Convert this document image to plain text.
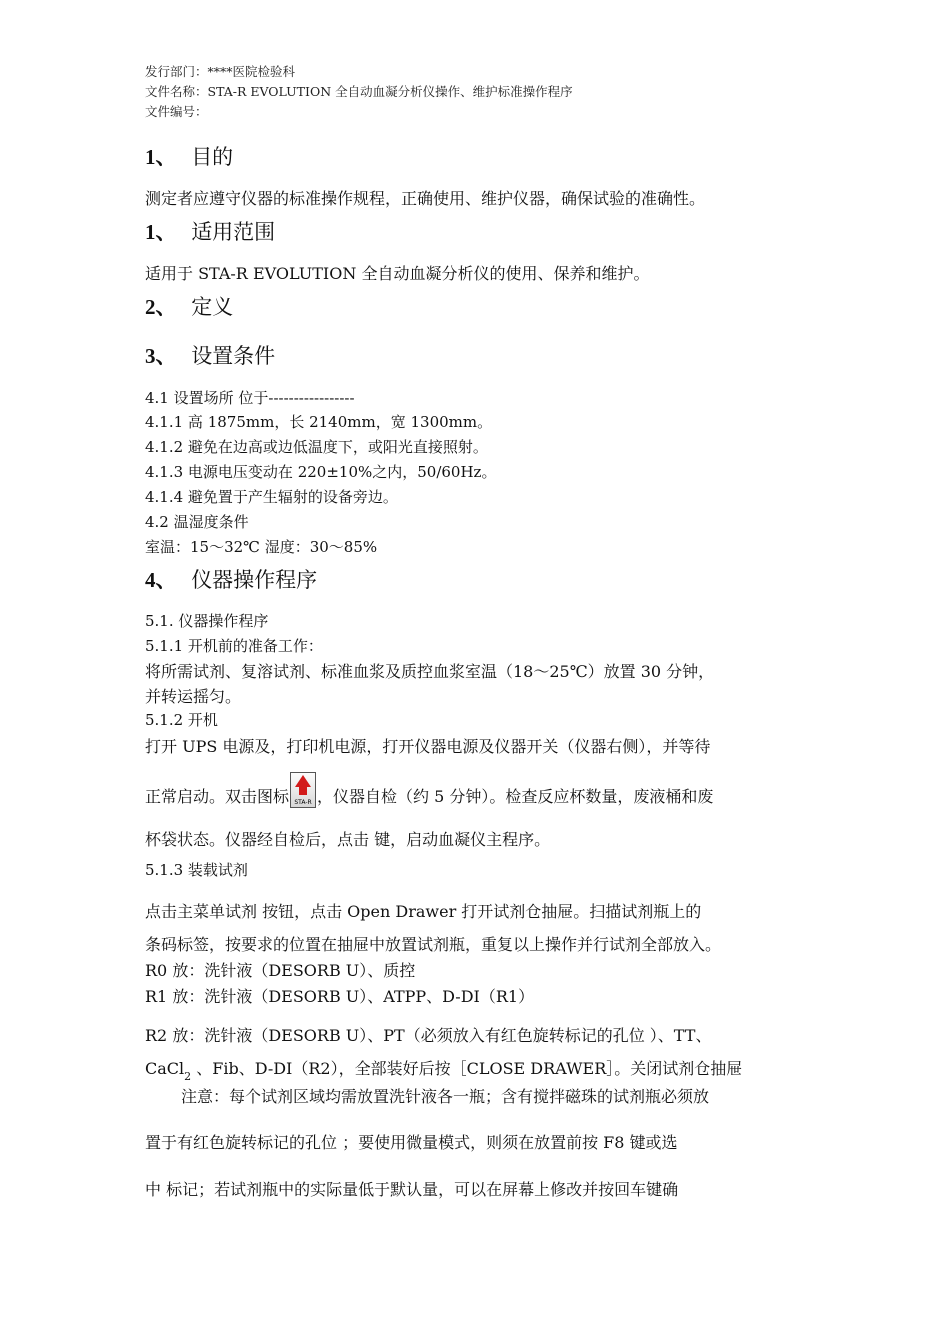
发行部门：****医院检验科
文件名称：STA-R EVOLUTION 全自动血凝分析仪操作、维护标准操作程序
文件编号：
1、 目的
测定者应遵守仪器的标准操作规程，正确使用、维护仪器，确保试验的准确性。
1、 适用范围
适用于 STA-R EVOLUTION 全自动血凝分析仪的使用、保养和维护。
2、 定义
3、 设置条件
4.1 设置场所 位于-----------------
4.1.1 高 1875mm，长 2140mm，宽 1300mm。
4.1.2 避免在边高或边低温度下，或阳光直接照射。
4.1.3 电源电压变动在 220±10%之内，50/60Hz。
4.1.4 避免置于产生辐射的设备旁边。
4.2 温湿度条件
室温：15～32℃ 湿度：30～85%
4、 仪器操作程序
5.1. 仪器操作程序
5.1.1 开机前的准备工作：
将所需试剂、复溶试剂、标准血浆及质控血浆室温（18～25℃）放置 30 分钟，
并转运摇匀。
5.1.2 开机
打开 UPS 电源及，打印机电源，打开仪器电源及仪器开关（仪器右侧），并等待
正常启动。双击图标 STA-R ，仪器自检（约 5 分钟）。检查反应杯数量，废液桶和废
杯袋状态。仪器经自检后，点击 键，启动血凝仪主程序。
5.1.3 装载试剂
点击主菜单试剂 按钮，点击 Open Drawer 打开试剂仓抽屉。扫描试剂瓶上的
条码标签，按要求的位置在抽屉中放置试剂瓶，重复以上操作并行试剂全部放入。
R0 放：洗针液（DESORB U）、质控
R1 放：洗针液（DESORB U）、ATPP、D-DI（R1）
R2 放：洗针液（DESORB U）、PT（必须放入有红色旋转标记的孔位 ）、TT、
CaCl$_2$ 、Fib、D-DI（R2），全部装好后按［CLOSE DRAWER］。关闭试剂仓抽屉
注意：每个试剂区域均需放置洗针液各一瓶；含有搅拌磁珠的试剂瓶必须放
置于有红色旋转标记的孔位 ；要使用微量模式，则须在放置前按 F8 键或选
中 标记；若试剂瓶中的实际量低于默认量，可以在屏幕上修改并按回车键确
